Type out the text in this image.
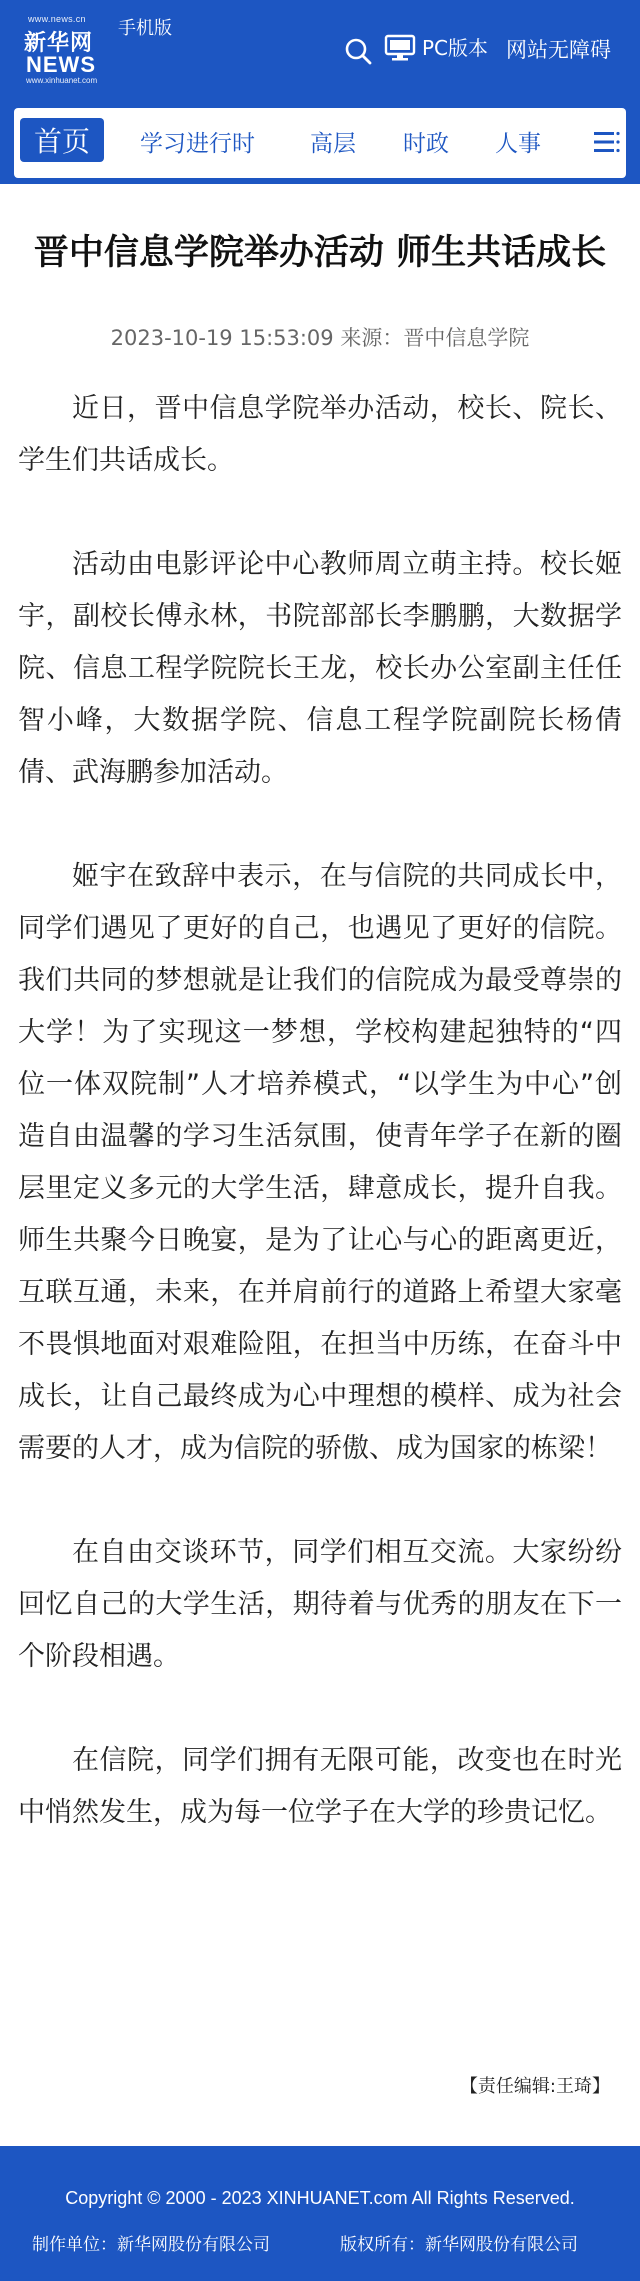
www.news.cn
新华网
NEWS
www.xinhuanet.com
手机版
PC版本 网站无障碍
首页	学习进行时 高层 时政 人事
晋中信息学院举办活动 师生共话成长
2023-10-19 15:53:09 来源：晋中信息学院

近日，晋中信息学院举办活动，校长、院长、学生们共话成长。

活动由电影评论中心教师周立萌主持。校长姬宇，副校长傅永林，书院部部长李鹏鹏，大数据学院、信息工程学院院长王龙，校长办公室副主任任智小峰，大数据学院、信息工程学院副院长杨倩倩、武海鹏参加活动。

姬宇在致辞中表示，在与信院的共同成长中，同学们遇见了更好的自己，也遇见了更好的信院。我们共同的梦想就是让我们的信院成为最受尊崇的大学！为了实现这一梦想，学校构建起独特的“四位一体双院制”人才培养模式，“以学生为中心”创造自由温馨的学习生活氛围，使青年学子在新的圈层里定义多元的大学生活，肆意成长，提升自我。师生共聚今日晚宴，是为了让心与心的距离更近，互联互通，未来，在并肩前行的道路上希望大家毫不畏惧地面对艰难险阻，在担当中历练，在奋斗中成长，让自己最终成为心中理想的模样、成为社会需要的人才，成为信院的骄傲、成为国家的栋梁！

在自由交谈环节，同学们相互交流。大家纷纷回忆自己的大学生活，期待着与优秀的朋友在下一个阶段相遇。

在信院，同学们拥有无限可能，改变也在时光中悄然发生，成为每一位学子在大学的珍贵记忆。

【责任编辑:王琦】
Copyright © 2000 - 2023 XINHUANET.com All Rights Reserved.
制作单位：新华网股份有限公司	版权所有：新华网股份有限公司
